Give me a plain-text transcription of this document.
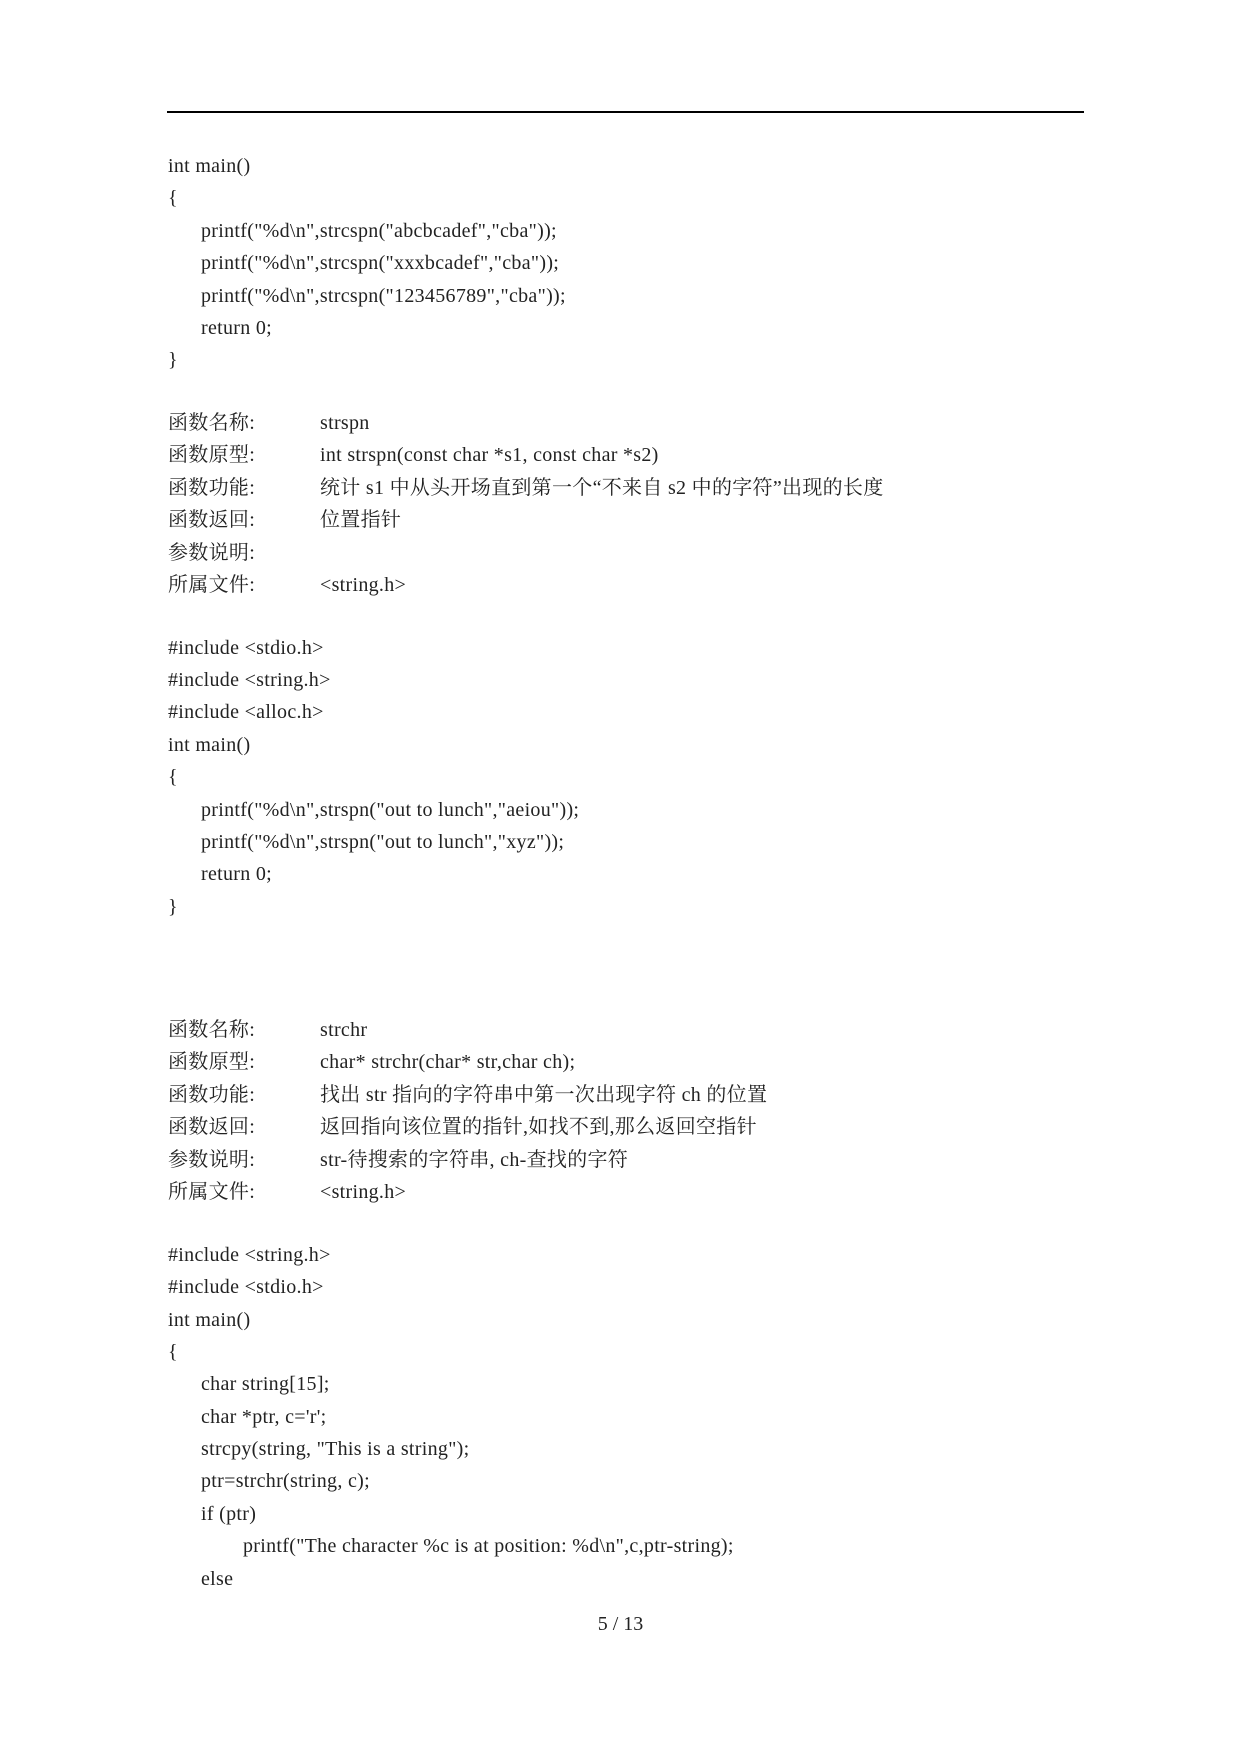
int main()
{
printf("%d\n",strcspn("abcbcadef","cba"));
printf("%d\n",strcspn("xxxbcadef","cba"));
printf("%d\n",strcspn("123456789","cba"));
return 0;
}
函数名称:	strspn
函数原型:	int strspn(const char *s1, const char *s2)
函数功能:	统计 s1 中从头开场直到第一个“不来自 s2 中的字符”出现的长度
函数返回:	位置指针
参数说明:
所属文件:	<string.h>
#include <stdio.h>
#include <string.h>
#include <alloc.h>
int main()
{
printf("%d\n",strspn("out to lunch","aeiou"));
printf("%d\n",strspn("out to lunch","xyz"));
return 0;
}
函数名称:	strchr
函数原型:	char* strchr(char* str,char ch);
函数功能:	找出 str 指向的字符串中第一次出现字符 ch 的位置
函数返回:	返回指向该位置的指针,如找不到,那么返回空指针
参数说明:	str-待搜索的字符串, ch-查找的字符
所属文件:	<string.h>
#include <string.h>
#include <stdio.h>
int main()
{
char string[15];
char *ptr, c='r';
strcpy(string, "This is a string");
ptr=strchr(string, c);
if (ptr)
printf("The character %c is at position: %d\n",c,ptr-string);
else
5 / 13
